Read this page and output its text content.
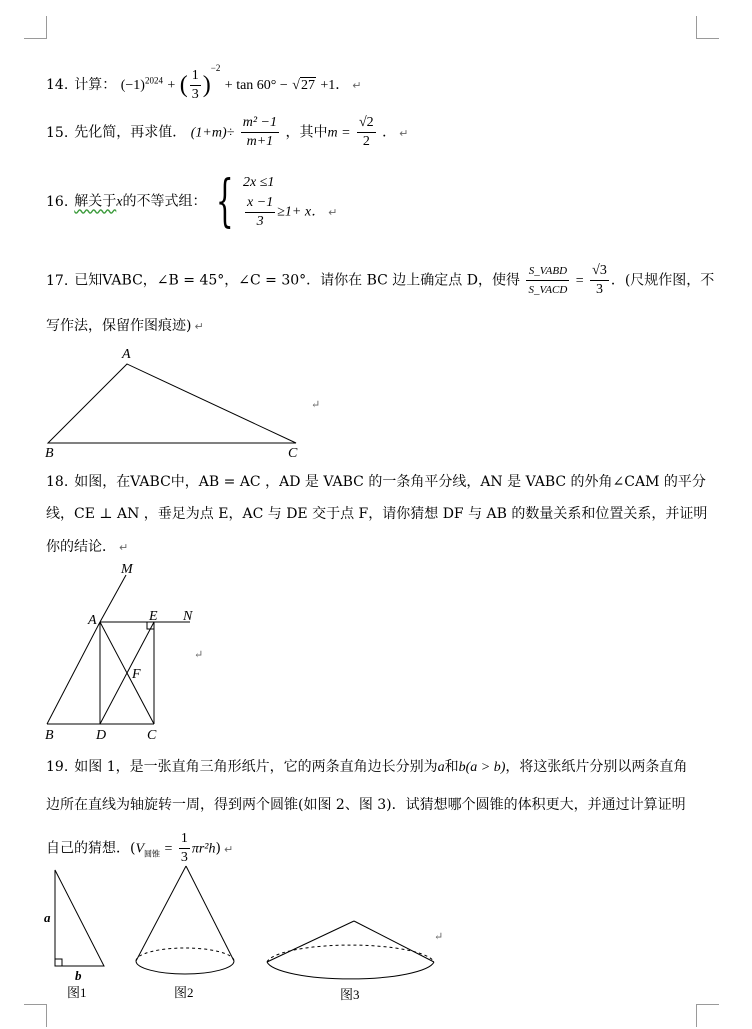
14. 计算： $(-1)^{2024}$ + ( $\frac{1}{3} )^{-2} + \tan 60^\circ - √27 +1$． ↵
15. 先化简，再求值． $(1+m)\div \frac{\text{m² −1}}{m+1}$ ，其中$m = \frac{√2}{2}$ ． ↵
16. 解关于x的不等式组： { 2x ≤1
$\frac{x -1}{3} \ge 1+ x$． ↵
17. 已知VABC，∠B = 45°，∠C = 30°．请你在 BC 边上确定点 D，使得 $\frac{\text{S\_VABD}}{\text{S\_VACD}} = \frac{√3}{3}$ ．(尺规作图，不
写作法，保留作图痕迹) ↵
A
B	C
↵
18. 如图，在VABC中，AB = AC ，AD 是 VABC 的一条角平分线，AN 是 VABC 的外角∠CAM 的平分
线，CE ⊥ AN ，垂足为点 E，AC 与 DE 交于点 F，请你猜想 DF 与 AB 的数量关系和位置关系，并证明
你的结论． ↵
M
A	E N
F
B	D	C
↵
19. 如图 1，是一张直角三角形纸片，它的两条直角边长分别为a和b(a > b)，将这张纸片分别以两条直角
边所在直线为轴旋转一周，得到两个圆锥(如图 2、图 3)．试猜想哪个圆锥的体积更大，并通过计算证明
自己的猜想．$(V_{圆锥} = \frac{1}{3} \pi r^2h)$ ↵
a
b
图1	图2	图3
↵
